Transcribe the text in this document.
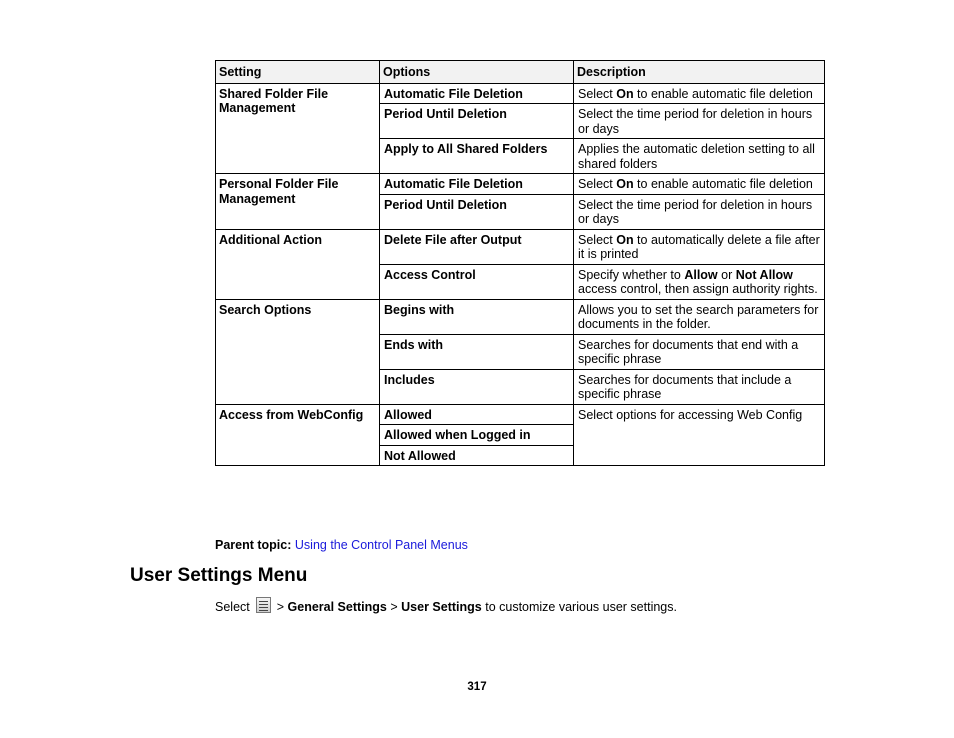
Setting	Options	Description
Shared Folder File Management	Automatic File Deletion	Select On to enable automatic file deletion
	Period Until Deletion	Select the time period for deletion in hours or days
	Apply to All Shared Folders	Applies the automatic deletion setting to all shared folders
Personal Folder File Management	Automatic File Deletion	Select On to enable automatic file deletion
	Period Until Deletion	Select the time period for deletion in hours or days
Additional Action	Delete File after Output	Select On to automatically delete a file after it is printed
	Access Control	Specify whether to Allow or Not Allow access control, then assign authority rights.
Search Options	Begins with	Allows you to set the search parameters for documents in the folder.
	Ends with	Searches for documents that end with a specific phrase
	Includes	Searches for documents that include a specific phrase
Access from WebConfig	Allowed	Select options for accessing Web Config
	Allowed when Logged in	
	Not Allowed	
Parent topic: Using the Control Panel Menus
User Settings Menu
Select > General Settings > User Settings to customize various user settings.
317
